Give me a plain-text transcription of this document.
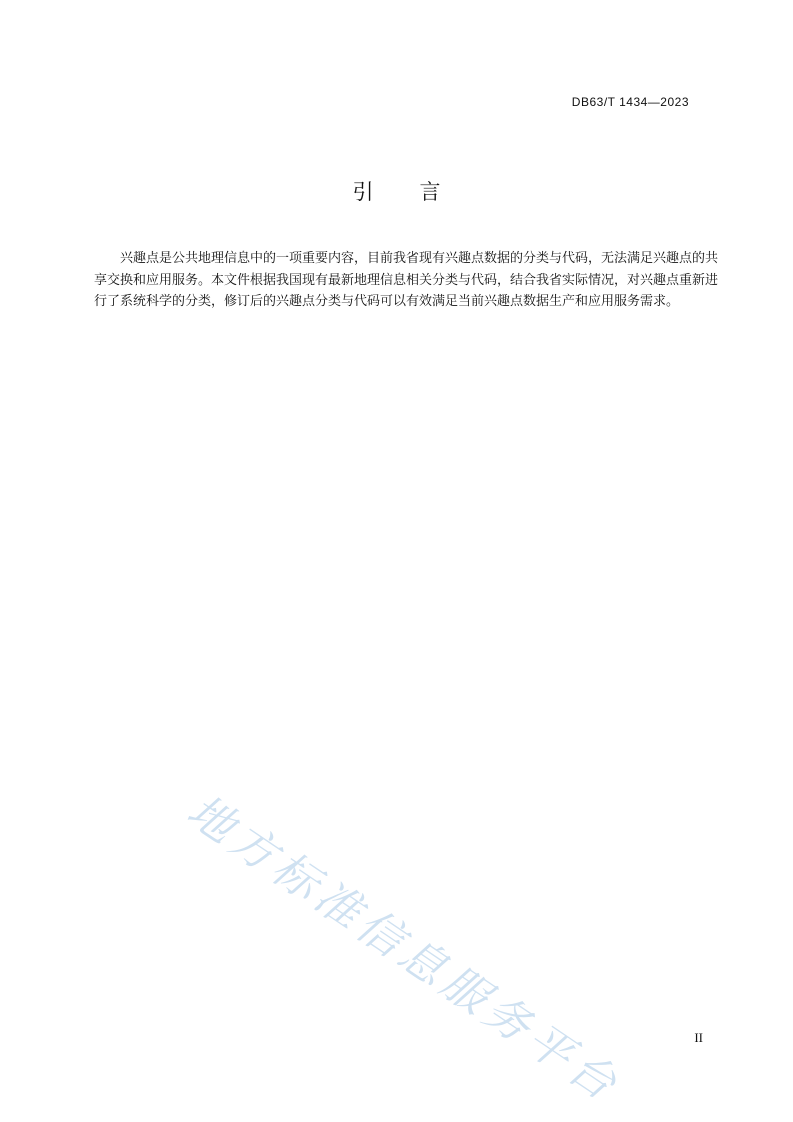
DB63/T 1434—2023
引言

兴趣点是公共地理信息中的一项重要内容，目前我省现有兴趣点数据的分类与代码，无法满足兴趣点的共享交换和应用服务。本文件根据我国现有最新地理信息相关分类与代码，结合我省实际情况，对兴趣点重新进行了系统科学的分类，修订后的兴趣点分类与代码可以有效满足当前兴趣点数据生产和应用服务需求。

地方标准信息服务平台	II
